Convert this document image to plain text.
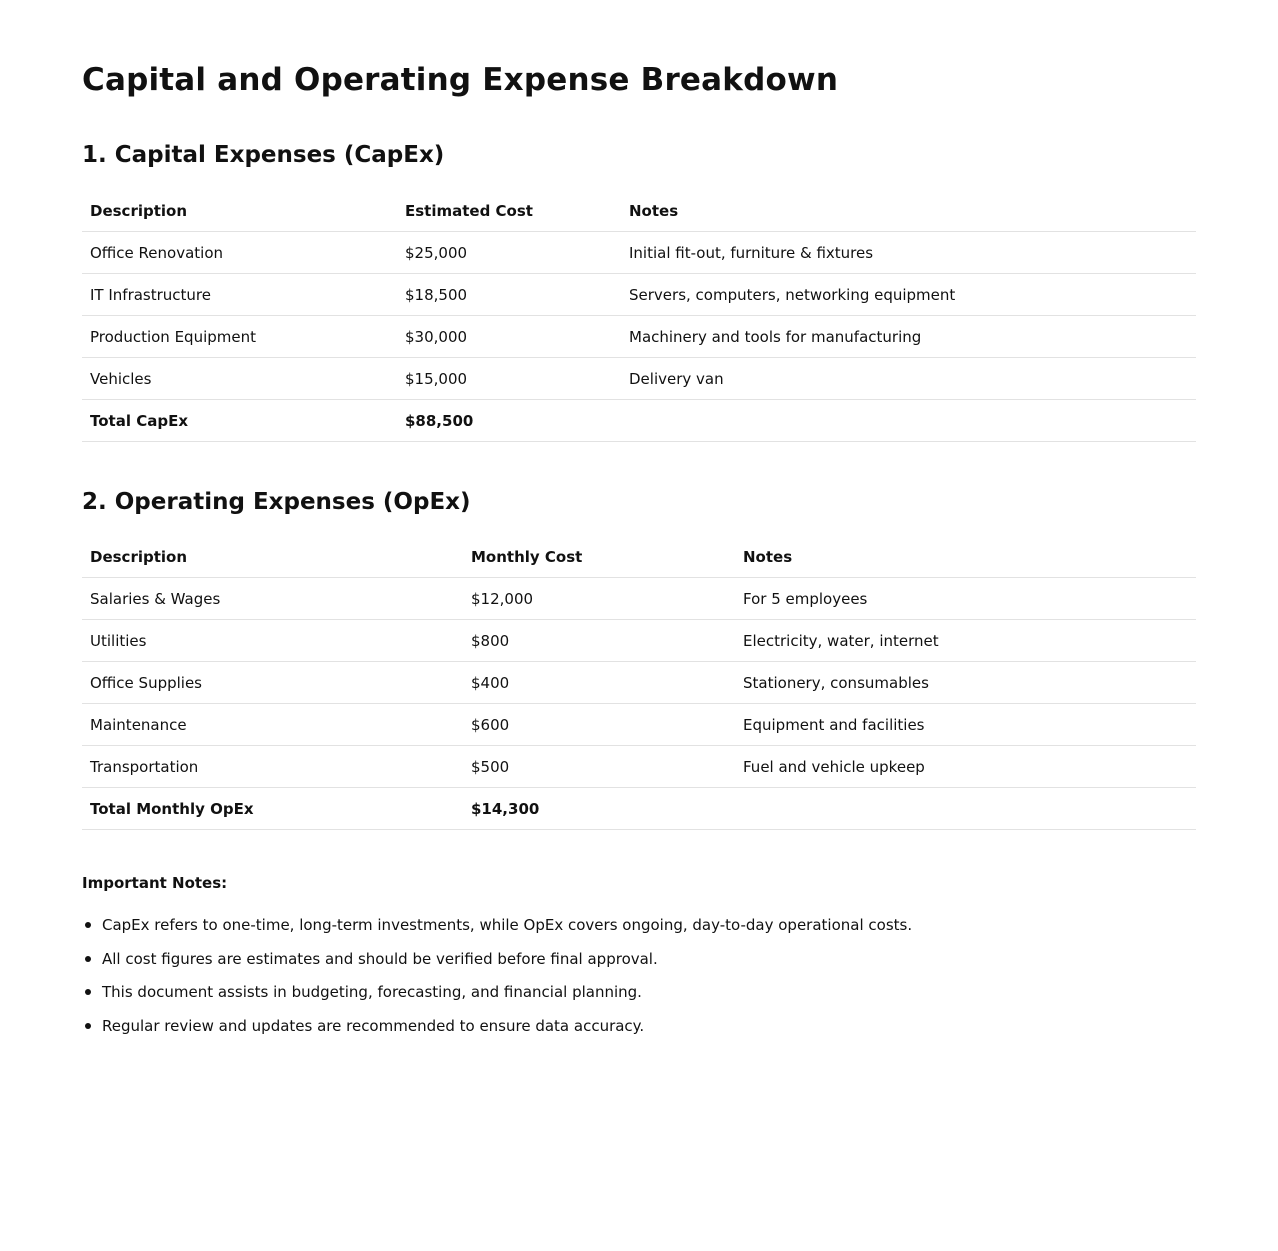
Capital and Operating Expense Breakdown
1. Capital Expenses (CapEx)
Description	Estimated Cost	Notes
Office Renovation	$25,000	Initial fit-out, furniture & fixtures
IT Infrastructure	$18,500	Servers, computers, networking equipment
Production Equipment	$30,000	Machinery and tools for manufacturing
Vehicles	$15,000	Delivery van
Total CapEx	$88,500	
2. Operating Expenses (OpEx)
Description	Monthly Cost	Notes
Salaries & Wages	$12,000	For 5 employees
Utilities	$800	Electricity, water, internet
Office Supplies	$400	Stationery, consumables
Maintenance	$600	Equipment and facilities
Transportation	$500	Fuel and vehicle upkeep
Total Monthly OpEx	$14,300	

Important Notes:

CapEx refers to one-time, long-term investments, while OpEx covers ongoing, day-to-day operational costs.
All cost figures are estimates and should be verified before final approval.
This document assists in budgeting, forecasting, and financial planning.
Regular review and updates are recommended to ensure data accuracy.
